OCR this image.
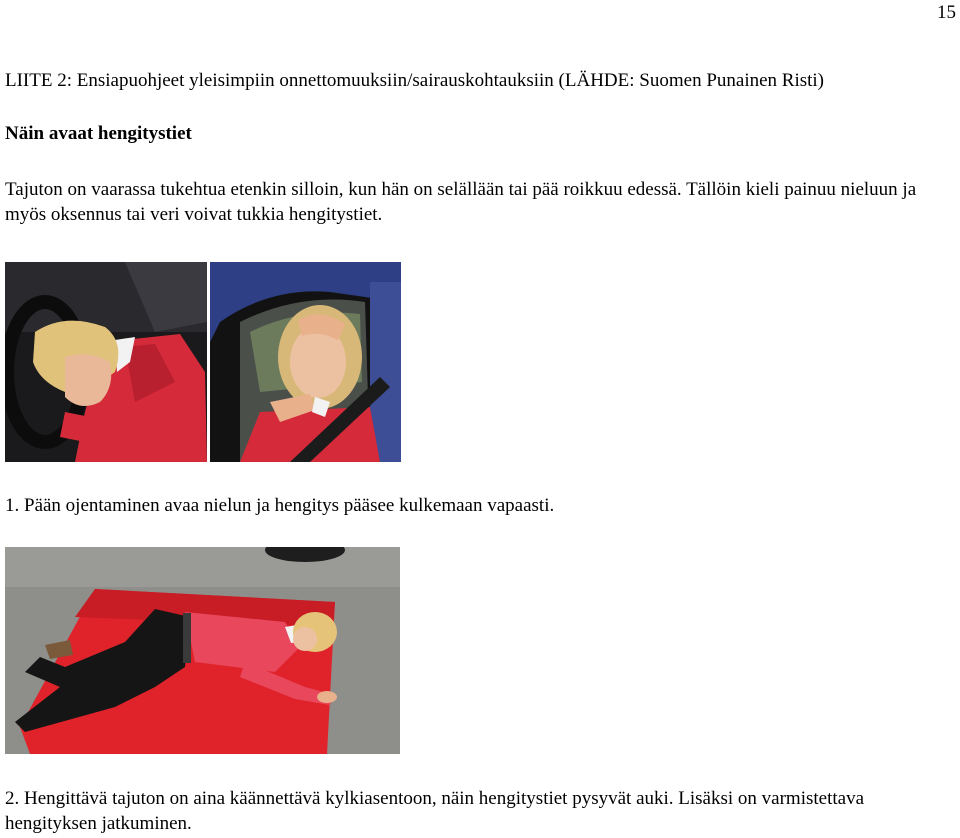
15
LIITE 2: Ensiapuohjeet yleisimpiin onnettomuuksiin/sairauskohtauksiin (LÄHDE: Suomen Punainen Risti)
Näin avaat hengitystiet

Tajuton on vaarassa tukehtua etenkin silloin, kun hän on selällään tai pää roikkuu edessä. Tällöin kieli painuu nieluun ja myös oksennus tai veri voivat tukkia hengitystiet.

1. Pään ojentaminen avaa nielun ja hengitys pääsee kulkemaan vapaasti.

2. Hengittävä tajuton on aina käännettävä kylkiasentoon, näin hengitystiet pysyvät auki. Lisäksi on varmistettava hengityksen jatkuminen.
